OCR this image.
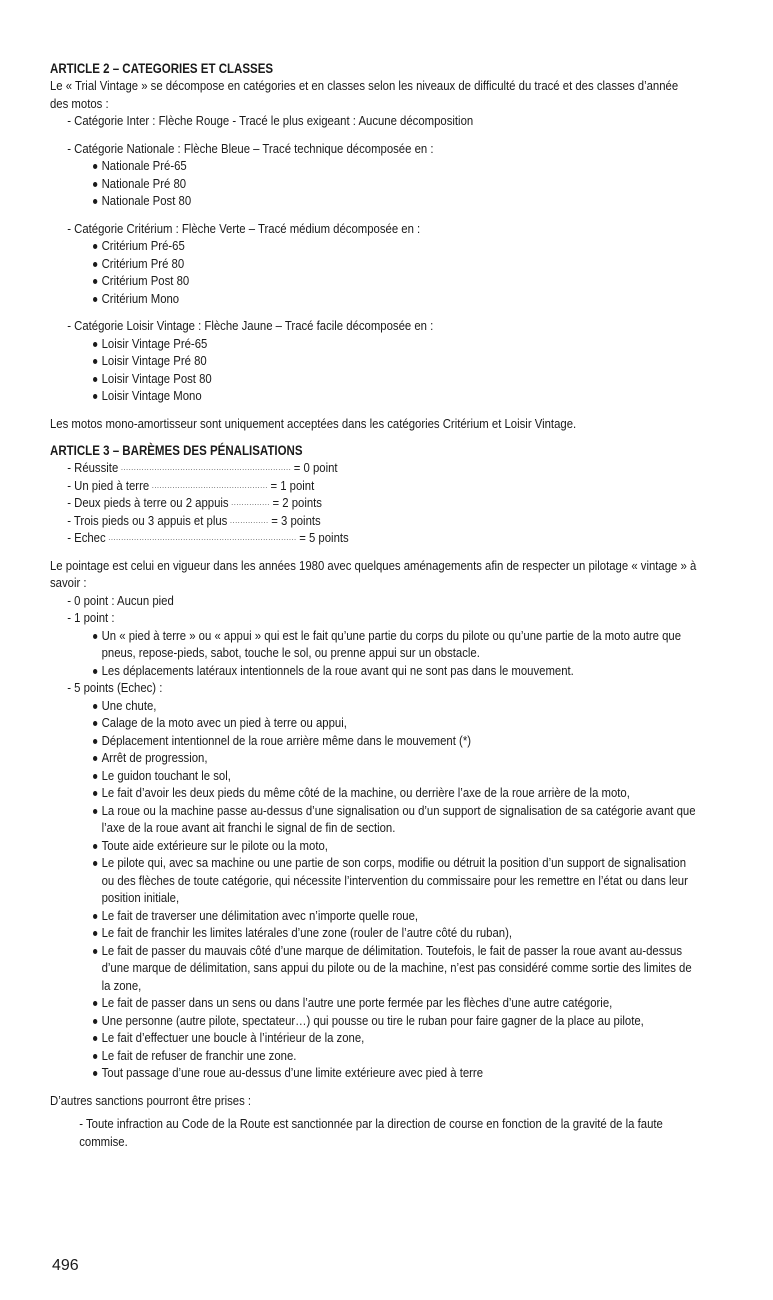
ARTICLE 2 – CATEGORIES ET CLASSES

Le « Trial Vintage » se décompose en catégories et en classes selon les niveaux de difficulté du tracé et des classes d’année des motos :

- Catégorie Inter : Flèche Rouge - Tracé le plus exigeant : Aucune décomposition

- Catégorie Nationale : Flèche Bleue – Tracé technique décomposée en :

Nationale Pré-65
Nationale Pré 80
Nationale Post 80

- Catégorie Critérium : Flèche Verte – Tracé médium décomposée en :

Critérium Pré-65
Critérium Pré 80
Critérium Post 80
Critérium Mono

- Catégorie Loisir Vintage : Flèche Jaune – Tracé facile décomposée en :

Loisir Vintage Pré-65
Loisir Vintage Pré 80
Loisir Vintage Post 80
Loisir Vintage Mono

Les motos mono-amortisseur sont uniquement acceptées dans les catégories Critérium et Loisir Vintage.

ARTICLE 3 – BARÈMES DES PÉNALISATIONS
- Réussite .................................................................. = 0 point
- Un pied à terre ............................................. = 1 point
- Deux pieds à terre ou 2 appuis ............... = 2 points
- Trois pieds ou 3 appuis et plus ............... = 3 points
- Echec ......................................................................... = 5 points

Le pointage est celui en vigueur dans les années 1980 avec quelques aménagements afin de respecter un pilotage « vintage » à savoir :

- 0 point : Aucun pied

- 1 point :

Un « pied à terre » ou « appui » qui est le fait qu’une partie du corps du pilote ou qu’une partie de la moto autre que pneus, repose-pieds, sabot, touche le sol, ou prenne appui sur un obstacle.
Les déplacements latéraux intentionnels de la roue avant qui ne sont pas dans le mouvement.

- 5 points (Echec) :

Une chute,
Calage de la moto avec un pied à terre ou appui,
Déplacement intentionnel de la roue arrière même dans le mouvement (*)
Arrêt de progression,
Le guidon touchant le sol,
Le fait d’avoir les deux pieds du même côté de la machine, ou derrière l’axe de la roue arrière de la moto,
La roue ou la machine passe au-dessus d’une signalisation ou d’un support de signalisation de sa catégorie avant que l’axe de la roue avant ait franchi le signal de fin de section.
Toute aide extérieure sur le pilote ou la moto,
Le pilote qui, avec sa machine ou une partie de son corps, modifie ou détruit la position d’un support de signalisation ou des flèches de toute catégorie, qui nécessite l’intervention du commissaire pour les remettre en l’état ou dans leur position initiale,
Le fait de traverser une délimitation avec n’importe quelle roue,
Le fait de franchir les limites latérales d’une zone (rouler de l’autre côté du ruban),
Le fait de passer du mauvais côté d’une marque de délimitation. Toutefois, le fait de passer la roue avant au-dessus d’une marque de délimitation, sans appui du pilote ou de la machine, n’est pas considéré comme sortie des limites de la zone,
Le fait de passer dans un sens ou dans l’autre une porte fermée par les flèches d’une autre catégorie,
Une personne (autre pilote, spectateur…) qui pousse ou tire le ruban pour faire gagner de la place au pilote,
Le fait d’effectuer une boucle à l’intérieur de la zone,
Le fait de refuser de franchir une zone.
Tout passage d’une roue au-dessus d’une limite extérieure avec pied à terre

D’autres sanctions pourront être prises :

- Toute infraction au Code de la Route est sanctionnée par la direction de course en fonction de la gravité de la faute commise.

496
